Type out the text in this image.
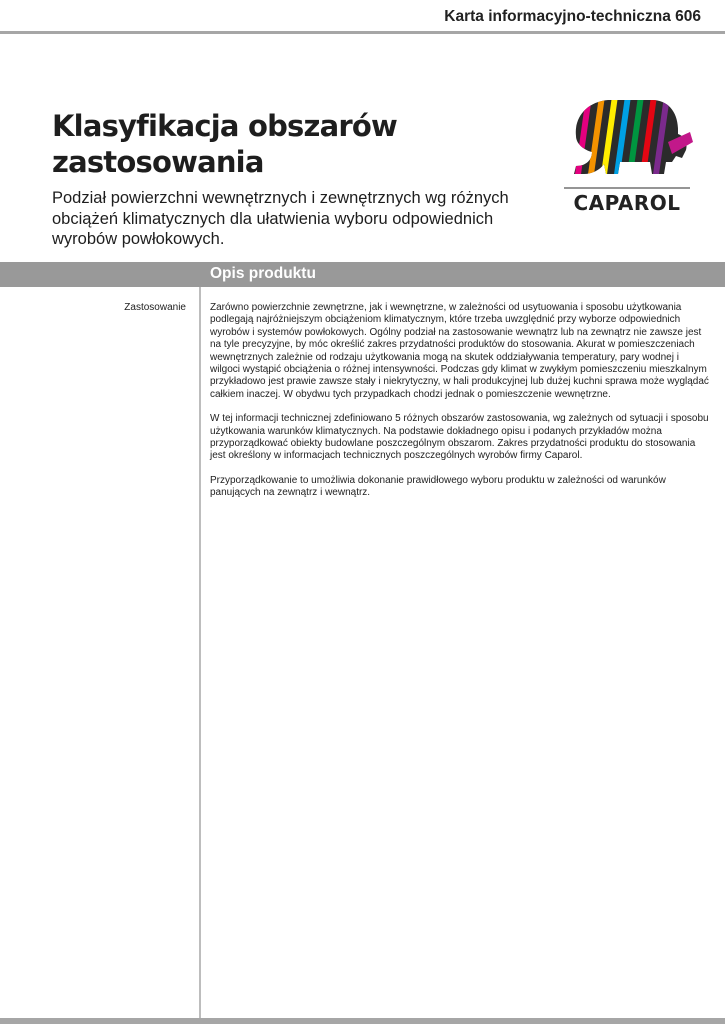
Karta informacyjno-techniczna 606
Klasyfikacja obszarów
zastosowania

Podział powierzchni wewnętrznych i zewnętrznych wg różnych obciążeń klimatycznych dla ułatwienia wyboru odpowiednich wyrobów powłokowych.

CAPAROL
Opis produktu
Zastosowanie Zarówno powierzchnie zewnętrzne, jak i wewnętrzne, w zależności od usytuowania i sposobu użytkowania podlegają najróżniejszym obciążeniom klimatycznym, które trzeba uwzględnić przy wyborze odpowiednich wyrobów i systemów powłokowych. Ogólny podział na zastosowanie wewnątrz lub na zewnątrz nie zawsze jest na tyle precyzyjne, by móc określić zakres przydatności produktów do stosowania. Akurat w pomieszczeniach wewnętrznych zależnie od rodzaju użytkowania mogą na skutek oddziaływania temperatury, pary wodnej i wilgoci wystąpić obciążenia o różnej intensywności. Podczas gdy klimat w zwykłym pomieszczeniu mieszkalnym przykładowo jest prawie zawsze stały i niekrytyczny, w hali produkcyjnej lub dużej kuchni sprawa może wyglądać całkiem inaczej. W obydwu tych przypadkach chodzi jednak o pomieszczenie wewnętrzne.

W tej informacji technicznej zdefiniowano 5 różnych obszarów zastosowania, wg zależnych od sytuacji i sposobu użytkowania warunków klimatycznych. Na podstawie dokładnego opisu i podanych przykładów można przyporządkować obiekty budowlane poszczególnym obszarom. Zakres przydatności produktu do stosowania jest określony w informacjach technicznych poszczególnych wyrobów firmy Caparol.

Przyporządkowanie to umożliwia dokonanie prawidłowego wyboru produktu w zależności od warunków panujących na zewnątrz i wewnątrz.
